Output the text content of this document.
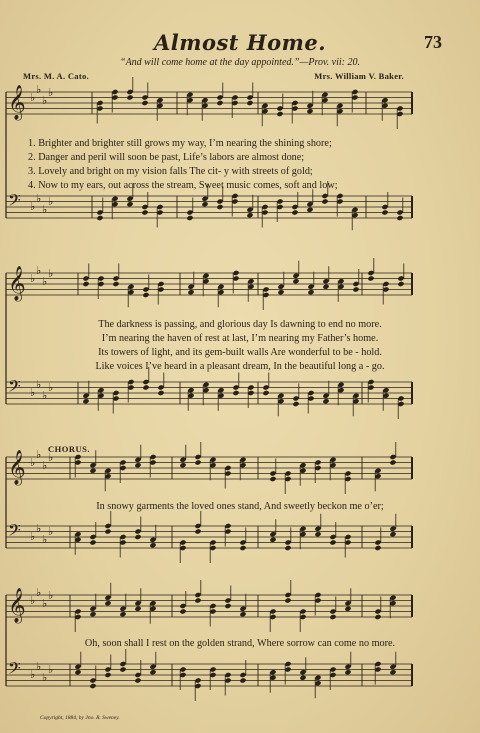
Almost Home.	73
“And will come home at the day appointed.”—Prov. vii: 20.
Mrs. M. A. Cato.	Mrs. William V. Baker.
𝄞 ♭
♭
♭
♭
𝄢 ♭
♭
♭
♭
𝄞 ♭
♭
♭
♭
𝄢 ♭
♭
♭
♭
𝄞 ♭
♭
♭
♭
𝄢 ♭
♭
♭
♭
𝄞 ♭
♭
♭
♭
𝄢 ♭
♭
♭
♭
1. Brighter and brighter still grows my way, I’m nearing the shining shore;
2. Danger and peril will soon be past, Life’s labors are almost done;
3. Lovely and bright on my vision falls The cit- y with streets of gold;
4. Now to my ears, out across the stream, Sweet music comes, soft and low;
The darkness is passing, and glorious day Is dawning to end no more.
I’m nearing the haven of rest at last, I’m nearing my Father’s home.
Its towers of light, and its gem-built walls Are wonderful to be - hold.
Like voices I’ve heard in a pleasant dream, In the beautiful long a - go.
CHORUS.
In snowy garments the loved ones stand, And sweetly beckon me o’er;
Oh, soon shall I rest on the golden strand, Where sorrow can come no more.
Copyright, 1884, by Jno. R. Sweney.
